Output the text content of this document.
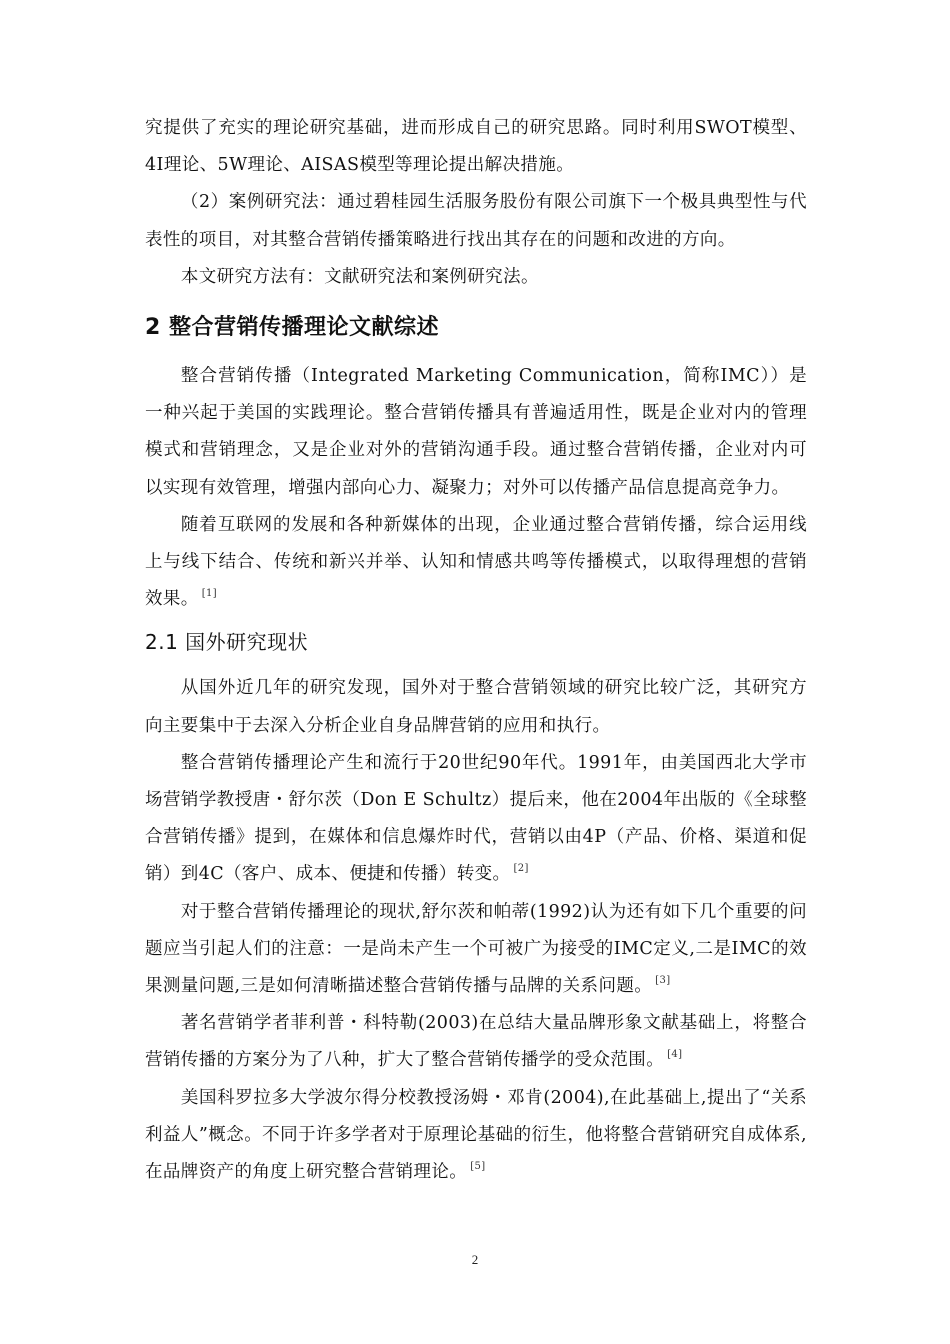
究提供了充实的理论研究基础，进而形成自己的研究思路。同时利用SWOT模型、4I理论、5W理论、AISAS模型等理论提出解决措施。

（2）案例研究法：通过碧桂园生活服务股份有限公司旗下一个极具典型性与代表性的项目，对其整合营销传播策略进行找出其存在的问题和改进的方向。

本文研究方法有：文献研究法和案例研究法。

2 整合营销传播理论文献综述

整合营销传播（Integrated Marketing Communication，简称IMC））是一种兴起于美国的实践理论。整合营销传播具有普遍适用性，既是企业对内的管理模式和营销理念，又是企业对外的营销沟通手段。通过整合营销传播，企业对内可以实现有效管理，增强内部向心力、凝聚力；对外可以传播产品信息提高竞争力。

随着互联网的发展和各种新媒体的出现，企业通过整合营销传播，综合运用线上与线下结合、传统和新兴并举、认知和情感共鸣等传播模式，以取得理想的营销效果。 [1]

2.1 国外研究现状

从国外近几年的研究发现，国外对于整合营销领域的研究比较广泛，其研究方向主要集中于去深入分析企业自身品牌营销的应用和执行。

整合营销传播理论产生和流行于20世纪90年代。1991年，由美国西北大学市场营销学教授唐・舒尔茨（Don E Schultz）提后来，他在2004年出版的《全球整合营销传播》提到，在媒体和信息爆炸时代，营销以由4P（产品、价格、渠道和促销）到4C（客户、成本、便捷和传播）转变。 [2]

对于整合营销传播理论的现状,舒尔茨和帕蒂(1992)认为还有如下几个重要的问题应当引起人们的注意：一是尚未产生一个可被广为接受的IMC定义,二是IMC的效果测量问题,三是如何清晰描述整合营销传播与品牌的关系问题。 [3]

著名营销学者菲利普・科特勒(2003)在总结大量品牌形象文献基础上，将整合营销传播的方案分为了八种，扩大了整合营销传播学的受众范围。 [4]

美国科罗拉多大学波尔得分校教授汤姆・邓肯(2004),在此基础上,提出了“关系利益人”概念。不同于许多学者对于原理论基础的衍生，他将整合营销研究自成体系,在品牌资产的角度上研究整合营销理论。 [5]

2
